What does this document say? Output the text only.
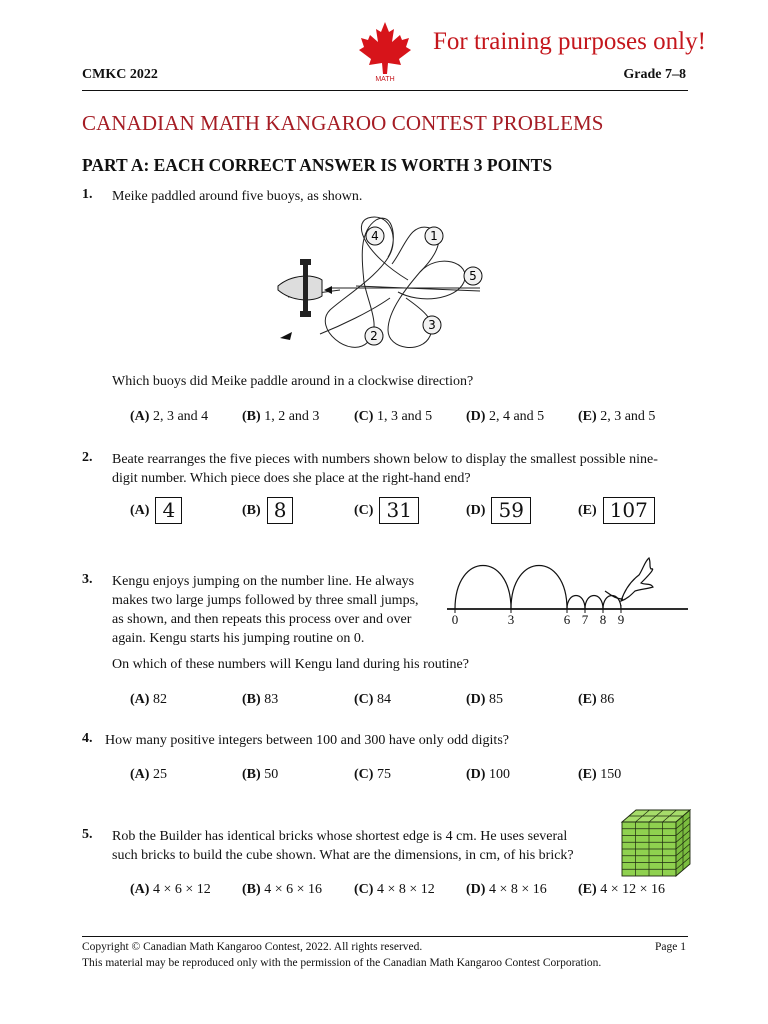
For training purposes only!
MATH
CMKC 2022	Grade 7–8
CANADIAN MATH KANGAROO CONTEST PROBLEMS
PART A: EACH CORRECT ANSWER IS WORTH 3 POINTS
1. Meike paddled around five buoys, as shown.
4	1
5
2
3
Which buoys did Meike paddle around in a clockwise direction?
(A) 2, 3 and 4 (B) 1, 2 and 3 (C) 1, 3 and 5 (D) 2, 4 and 5 (E) 2, 3 and 5
2. Beate rearranges the five pieces with numbers shown below to display the smallest possible nine-
digit number. Which piece does she place at the right-hand end?
(A) 4	(B) 8	(C) 31	(D) 59	(E) 107
3. Kengu enjoys jumping on the number line. He always
makes two large jumps followed by three small jumps,
as shown, and then repeats this process over and over
again. Kengu starts his jumping routine on 0.
0	3	6 7 8 9
On which of these numbers will Kengu land during his routine?
(A) 82	(B) 83	(C) 84	(D) 85	(E) 86
4. How many positive integers between 100 and 300 have only odd digits?
(A) 25	(B) 50	(C) 75	(D) 100	(E) 150
5. Rob the Builder has identical bricks whose shortest edge is 4 cm. He uses several
such bricks to build the cube shown. What are the dimensions, in cm, of his brick?
(A) 4 × 6 × 12 (B) 4 × 6 × 16 (C) 4 × 8 × 12 (D) 4 × 8 × 16 (E) 4 × 12 × 16
Copyright © Canadian Math Kangaroo Contest, 2022. All rights reserved.	Page 1
This material may be reproduced only with the permission of the Canadian Math Kangaroo Contest Corporation.
